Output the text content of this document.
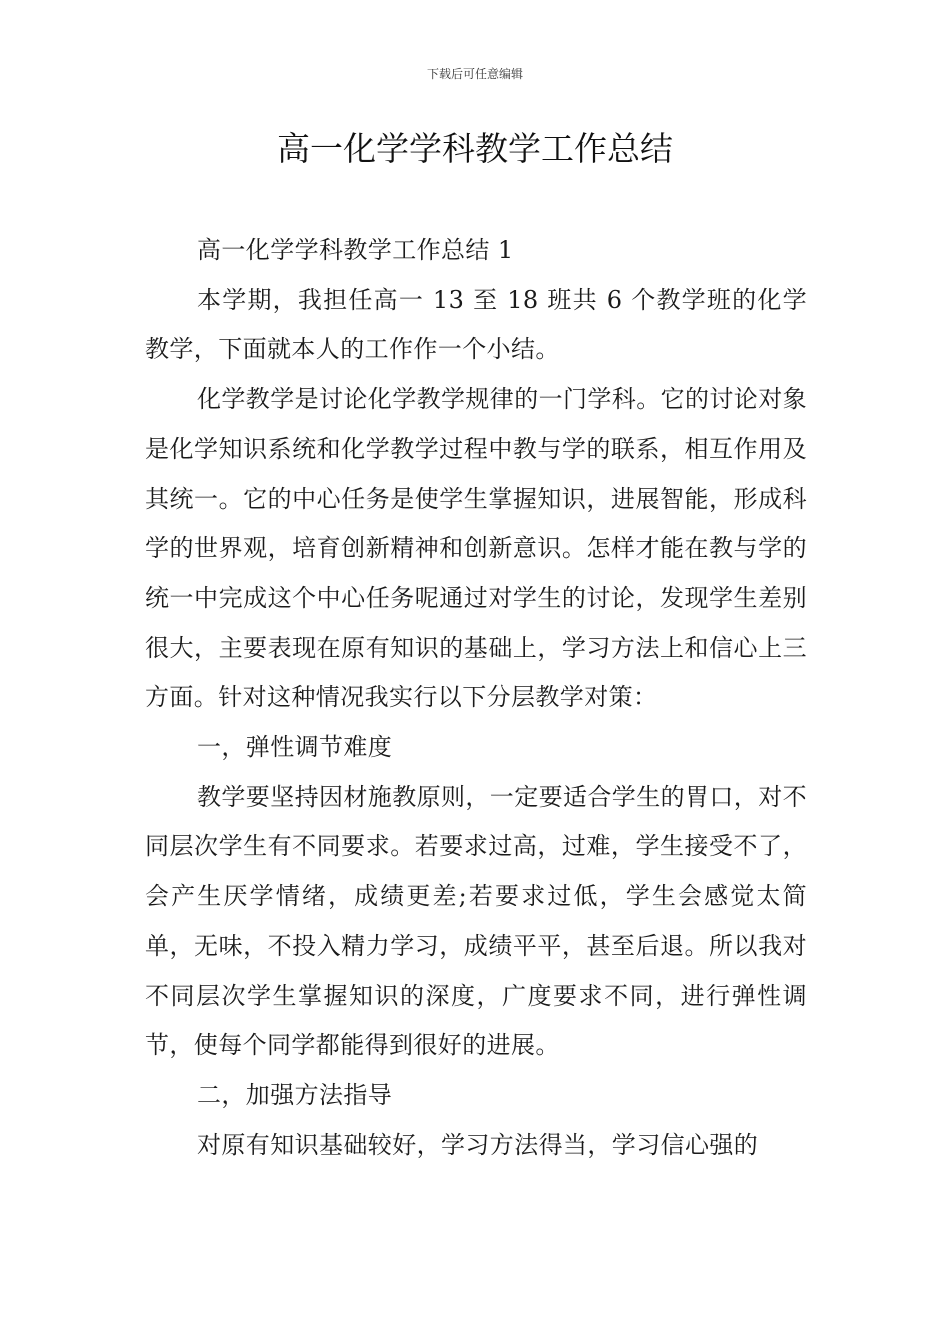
下载后可任意编辑
高一化学学科教学工作总结

高一化学学科教学工作总结 1

本学期，我担任高一 13 至 18 班共 6 个教学班的化学教学，下面就本人的工作作一个小结。

化学教学是讨论化学教学规律的一门学科。它的讨论对象是化学知识系统和化学教学过程中教与学的联系，相互作用及其统一。它的中心任务是使学生掌握知识，进展智能，形成科学的世界观，培育创新精神和创新意识。怎样才能在教与学的统一中完成这个中心任务呢通过对学生的讨论，发现学生差别很大，主要表现在原有知识的基础上，学习方法上和信心上三方面。针对这种情况我实行以下分层教学对策：

一，弹性调节难度

教学要坚持因材施教原则，一定要适合学生的胃口，对不同层次学生有不同要求。若要求过高，过难，学生接受不了，会产生厌学情绪，成绩更差;若要求过低，学生会感觉太简单，无味，不投入精力学习，成绩平平，甚至后退。所以我对不同层次学生掌握知识的深度，广度要求不同，进行弹性调节，使每个同学都能得到很好的进展。

二，加强方法指导

对原有知识基础较好，学习方法得当，学习信心强的
